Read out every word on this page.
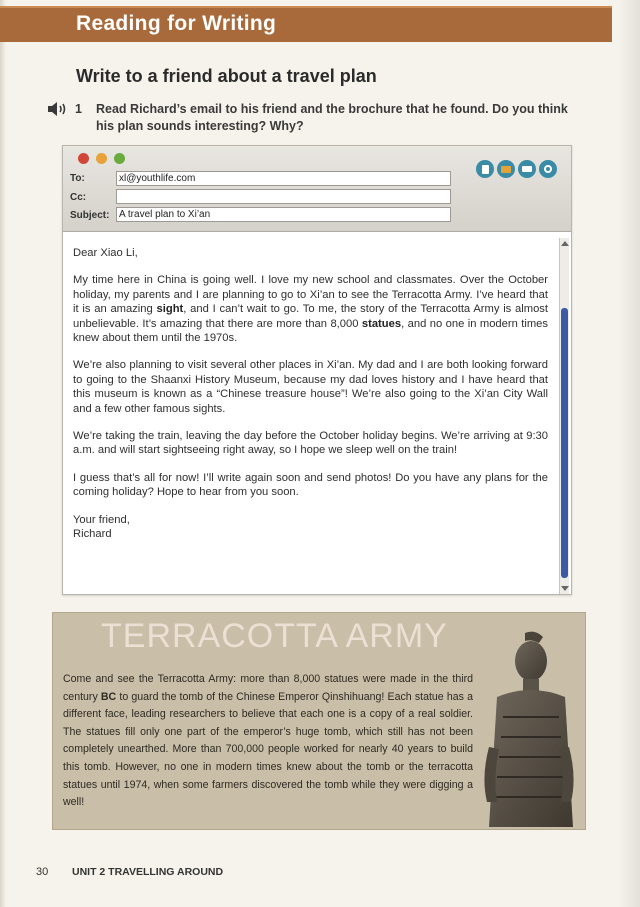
Reading for Writing
Write to a friend about a travel plan
1	Read Richard’s email to his friend and the brochure that he found. Do you think his plan sounds interesting? Why?
To:	xl@youthlife.com
Cc:
Subject: A travel plan to Xi’an

Dear Xiao Li,

My time here in China is going well. I love my new school and classmates. Over the October holiday, my parents and I are planning to go to Xi’an to see the Terracotta Army. I’ve heard that it is an amazing sight, and I can’t wait to go. To me, the story of the Terracotta Army is almost unbelievable. It’s amazing that there are more than 8,000 statues, and no one in modern times knew about them until the 1970s.

We’re also planning to visit several other places in Xi’an. My dad and I are both looking forward to going to the Shaanxi History Museum, because my dad loves history and I have heard that this museum is known as a “Chinese treasure house”! We’re also going to the Xi’an City Wall and a few other famous sights.

We’re taking the train, leaving the day before the October holiday begins. We’re arriving at 9:30 a.m. and will start sightseeing right away, so I hope we sleep well on the train!

I guess that’s all for now! I’ll write again soon and send photos! Do you have any plans for the coming holiday? Hope to hear from you soon.

Your friend,

Richard

TERRACOTTA ARMY
Come and see the Terracotta Army: more than 8,000 statues were made in the third century BC to guard the tomb of the Chinese Emperor Qinshihuang! Each statue has a different face, leading researchers to believe that each one is a copy of a real soldier. The statues fill only one part of the emperor’s huge tomb, which still has not been completely unearthed. More than 700,000 people worked for nearly 40 years to build this tomb. However, no one in modern times knew about the tomb or the terracotta statues until 1974, when some farmers discovered the tomb while they were digging a well!
30 UNIT 2 TRAVELLING AROUND
